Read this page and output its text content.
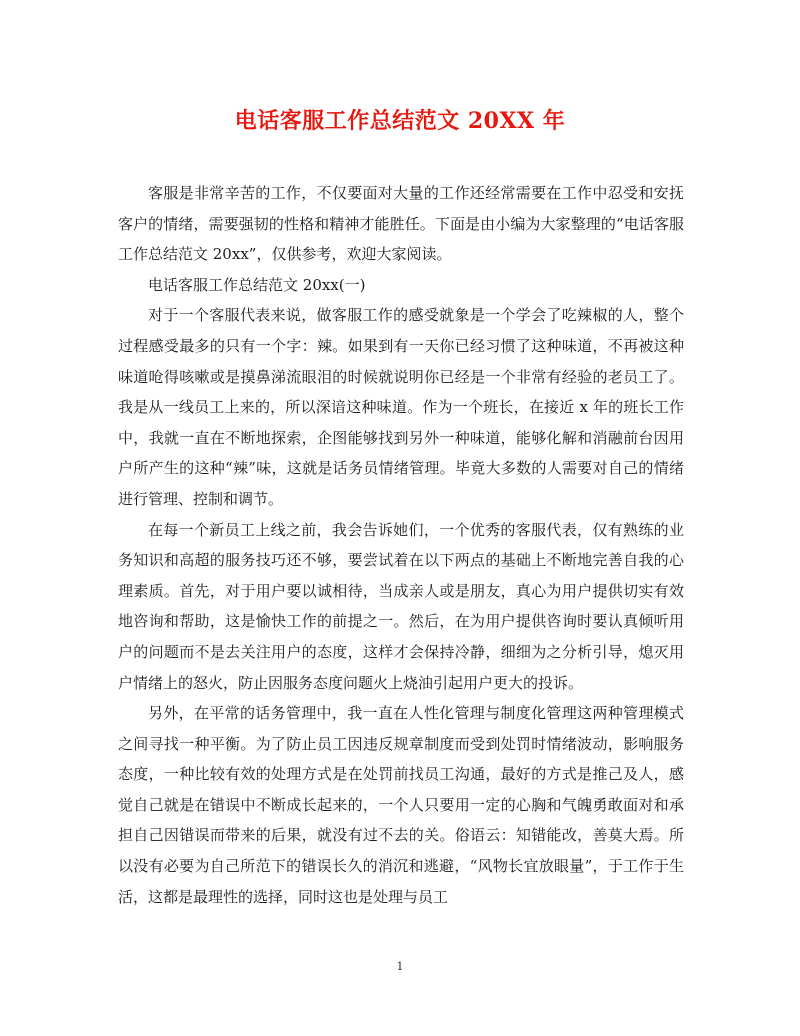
电话客服工作总结范文 20XX 年

客服是非常辛苦的工作，不仅要面对大量的工作还经常需要在工作中忍受和安抚客户的情绪，需要强韧的性格和精神才能胜任。下面是由小编为大家整理的“电话客服工作总结范文 20xx”，仅供参考，欢迎大家阅读。

电话客服工作总结范文 20xx(一)

对于一个客服代表来说，做客服工作的感受就象是一个学会了吃辣椒的人，整个过程感受最多的只有一个字：辣。如果到有一天你已经习惯了这种味道，不再被这种味道呛得咳嗽或是摸鼻涕流眼泪的时候就说明你已经是一个非常有经验的老员工了。我是从一线员工上来的，所以深谙这种味道。作为一个班长，在接近 x 年的班长工作中，我就一直在不断地探索，企图能够找到另外一种味道，能够化解和消融前台因用户所产生的这种“辣”味，这就是话务员情绪管理。毕竟大多数的人需要对自己的情绪进行管理、控制和调节。

在每一个新员工上线之前，我会告诉她们，一个优秀的客服代表，仅有熟练的业务知识和高超的服务技巧还不够，要尝试着在以下两点的基础上不断地完善自我的心理素质。首先，对于用户要以诚相待，当成亲人或是朋友，真心为用户提供切实有效地咨询和帮助，这是愉快工作的前提之一。然后，在为用户提供咨询时要认真倾听用户的问题而不是去关注用户的态度，这样才会保持冷静，细细为之分析引导，熄灭用户情绪上的怒火，防止因服务态度问题火上烧油引起用户更大的投诉。

另外，在平常的话务管理中，我一直在人性化管理与制度化管理这两种管理模式之间寻找一种平衡。为了防止员工因违反规章制度而受到处罚时情绪波动，影响服务态度，一种比较有效的处理方式是在处罚前找员工沟通，最好的方式是推己及人，感觉自己就是在错误中不断成长起来的，一个人只要用一定的心胸和气魄勇敢面对和承担自己因错误而带来的后果，就没有过不去的关。俗语云：知错能改，善莫大焉。所以没有必要为自己所范下的错误长久的消沉和逃避，“风物长宜放眼量”，于工作于生活，这都是最理性的选择，同时这也是处理与员工

1
